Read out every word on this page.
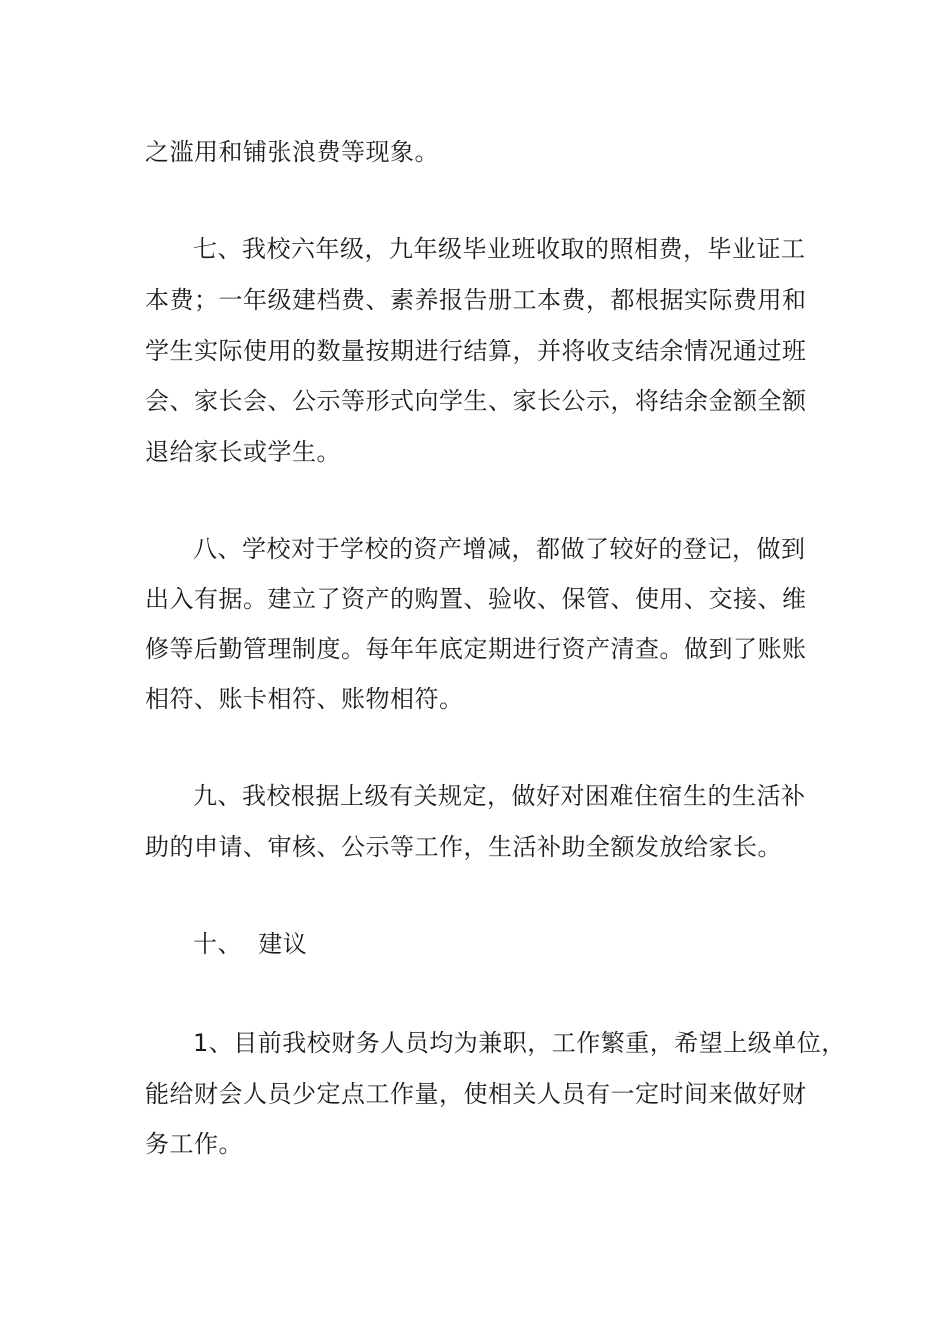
之滥用和铺张浪费等现象。

七、我校六年级，九年级毕业班收取的照相费，毕业证工

本费；一年级建档费、素养报告册工本费，都根据实际费用和

学生实际使用的数量按期进行结算，并将收支结余情况通过班

会、家长会、公示等形式向学生、家长公示，将结余金额全额

退给家长或学生。

八、学校对于学校的资产增减，都做了较好的登记，做到

出入有据。建立了资产的购置、验收、保管、使用、交接、维

修等后勤管理制度。每年年底定期进行资产清查。做到了账账

相符、账卡相符、账物相符。

九、我校根据上级有关规定，做好对困难住宿生的生活补

助的申请、审核、公示等工作，生活补助全额发放给家长。

十、  建议

1、目前我校财务人员均为兼职，工作繁重，希望上级单位，

能给财会人员少定点工作量，使相关人员有一定时间来做好财

务工作。
